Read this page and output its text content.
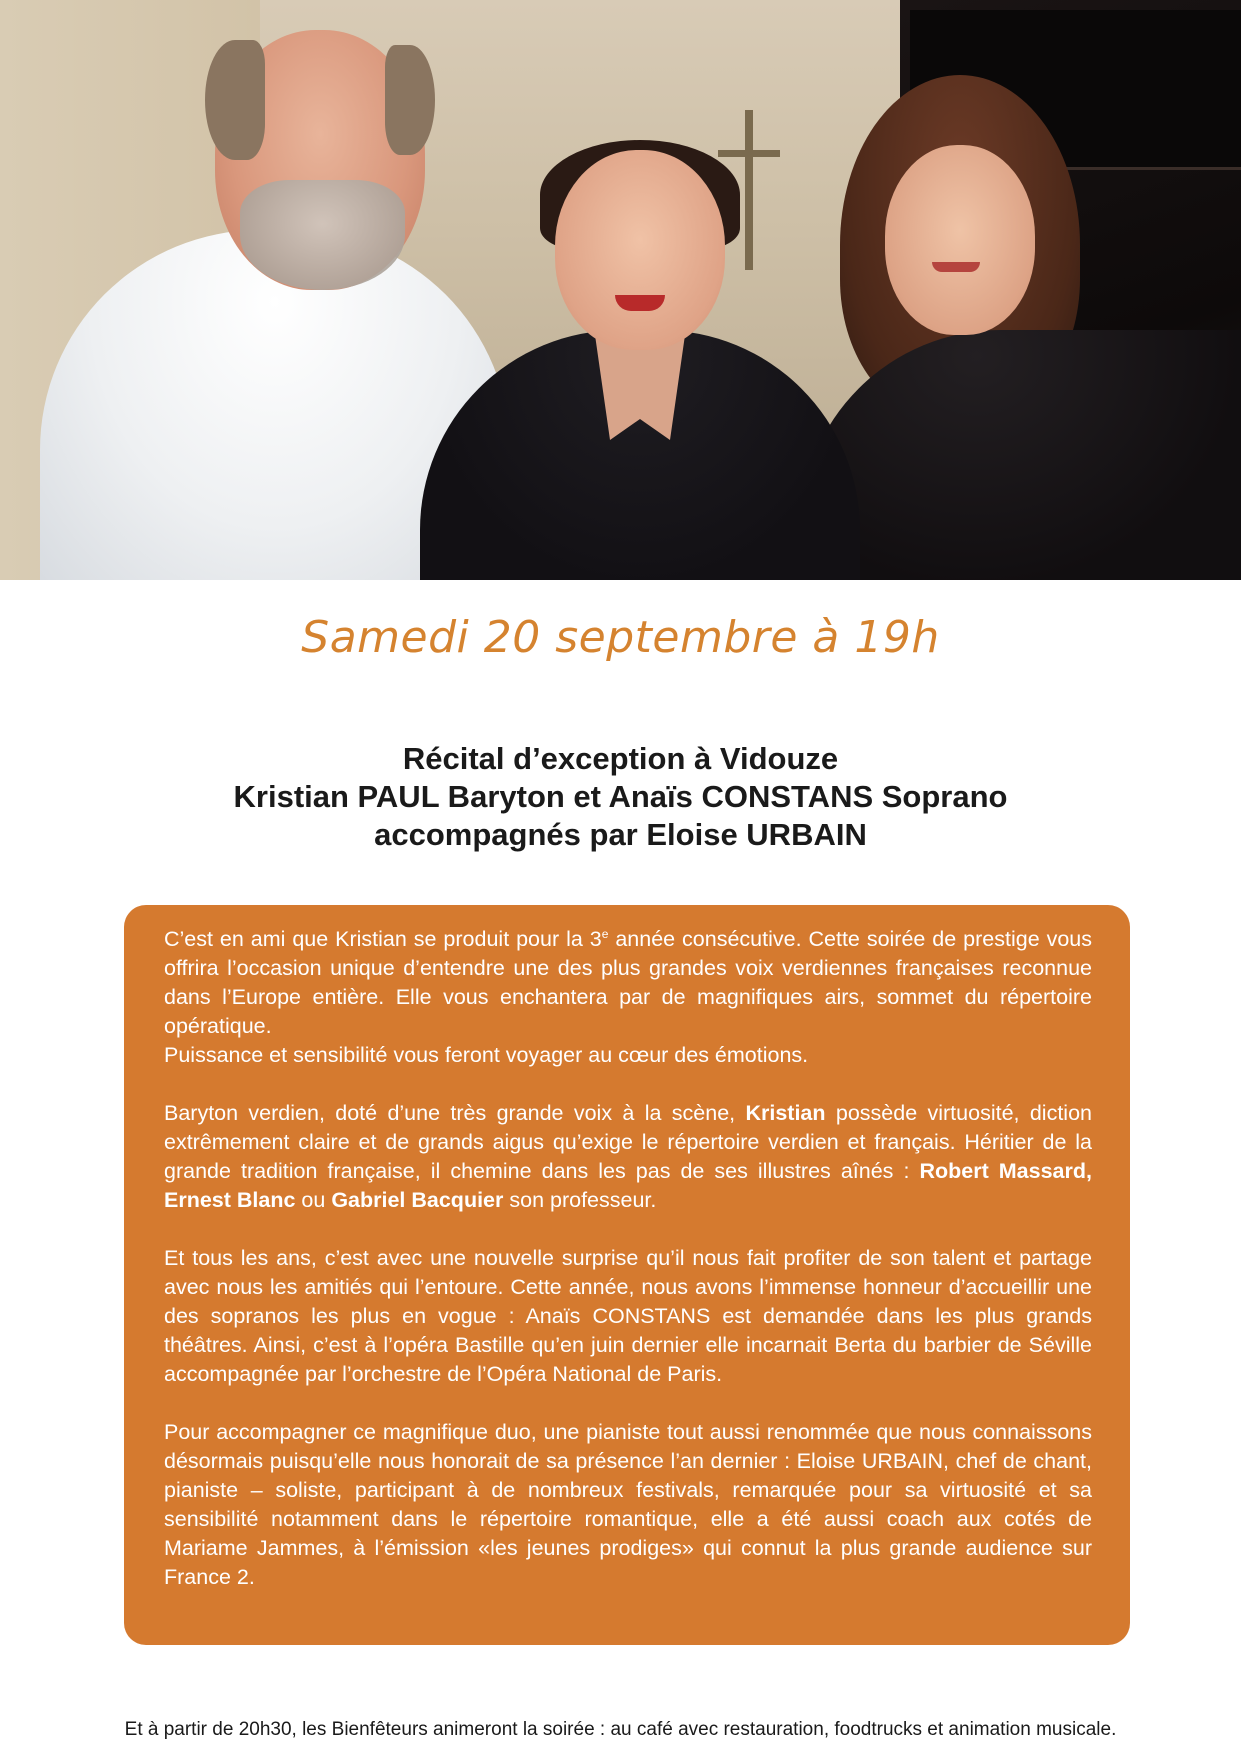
Samedi 20 septembre à 19h
Récital d’exception à Vidouze
Kristian PAUL Baryton et Anaïs CONSTANS Soprano
accompagnés par Eloise URBAIN

C’est en ami que Kristian se produit pour la 3e année consécutive. Cette soirée de prestige vous offrira l’occasion unique d’entendre une des plus grandes voix verdiennes françaises reconnue dans l’Europe entière. Elle vous enchantera par de magnifiques airs, sommet du répertoire opératique.
Puissance et sensibilité vous feront voyager au cœur des émotions.

Baryton verdien, doté d’une très grande voix à la scène, Kristian possède virtuosité, diction extrêmement claire et de grands aigus qu’exige le répertoire verdien et français. Héritier de la grande tradition française, il chemine dans les pas de ses illustres aînés : Robert Massard, Ernest Blanc ou Gabriel Bacquier son professeur.

Et tous les ans, c’est avec une nouvelle surprise qu’il nous fait profiter de son talent et partage avec nous les amitiés qui l’entoure. Cette année, nous avons l’immense honneur d’accueillir une des sopranos les plus en vogue : Anaïs CONSTANS est demandée dans les plus grands théâtres. Ainsi, c’est à l’opéra Bastille qu’en juin dernier elle incarnait Berta du barbier de Séville accompagnée par l’orchestre de l’Opéra National de Paris.

Pour accompagner ce magnifique duo, une pianiste tout aussi renommée que nous connaissons désormais puisqu’elle nous honorait de sa présence l’an dernier : Eloise URBAIN, chef de chant, pianiste – soliste, participant à de nombreux festivals, remarquée pour sa virtuosité et sa sensibilité notamment dans le répertoire romantique, elle a été aussi coach aux cotés de Mariame Jammes, à l’émission «les jeunes prodiges» qui connut la plus grande audience sur France 2.

Et à partir de 20h30, les Bienfêteurs animeront la soirée : au café avec restauration, foodtrucks et animation musicale.
